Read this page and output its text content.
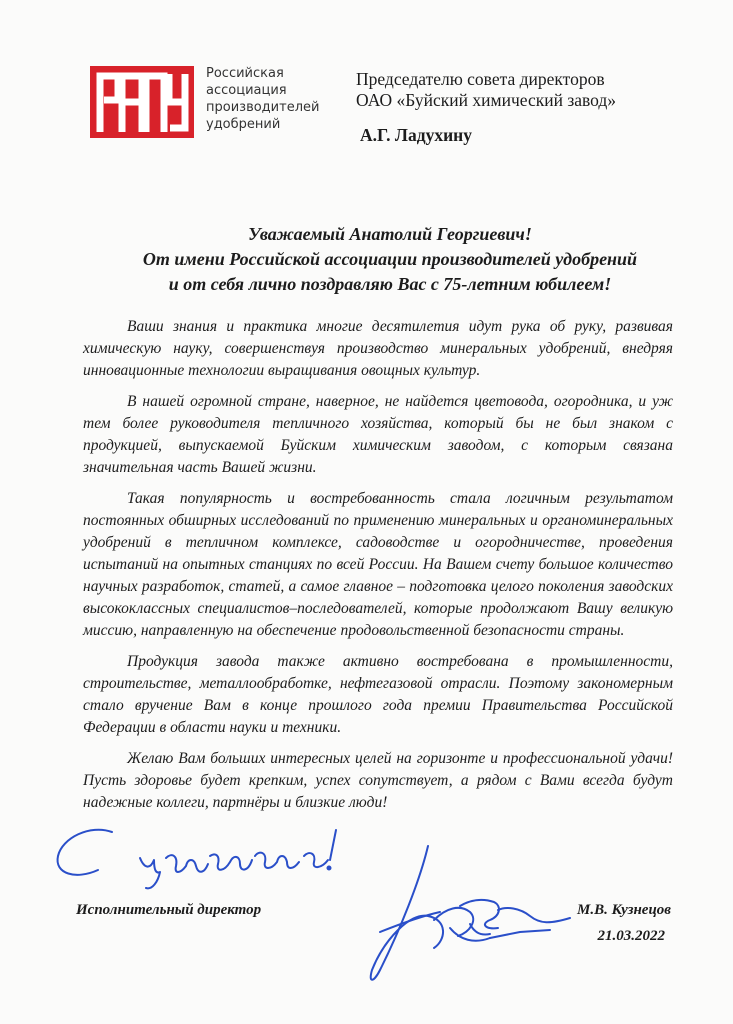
Российская
ассоциация
производителей
удобрений
Председателю совета директоров
ОАО «Буйский химический завод»
А.Г. Ладухину
Уважаемый Анатолий Георгиевич!
От имени Российской ассоциации производителей удобрений
и от себя лично поздравляю Вас с 75-летним юбилеем!

Ваши знания и практика многие десятилетия идут рука об руку, развивая химическую науку, совершенствуя производство минеральных удобрений, внедряя инновационные технологии выращивания овощных культур.

В нашей огромной стране, наверное, не найдется цветовода, огородника, и уж тем более руководителя тепличного хозяйства, который бы не был знаком с продукцией, выпускаемой Буйским химическим заводом, с которым связана значительная часть Вашей жизни.

Такая популярность и востребованность стала логичным результатом постоянных обширных исследований по применению минеральных и органоминеральных удобрений в тепличном комплексе, садоводстве и огородничестве, проведения испытаний на опытных станциях по всей России. На Вашем счету большое количество научных разработок, статей, а самое главное – подготовка целого поколения заводских высококлассных специалистов–последователей, которые продолжают Вашу великую миссию, направленную на обеспечение продовольственной безопасности страны.

Продукция завода также активно востребована в промышленности, строительстве, металлообработке, нефтегазовой отрасли. Поэтому закономерным стало вручение Вам в конце прошлого года премии Правительства Российской Федерации в области науки и техники.

Желаю Вам больших интересных целей на горизонте и профессиональной удачи! Пусть здоровье будет крепким, успех сопутствует, а рядом с Вами всегда будут надежные коллеги, партнёры и близкие люди!

Исполнительный директор	М.В. Кузнецов
21.03.2022
